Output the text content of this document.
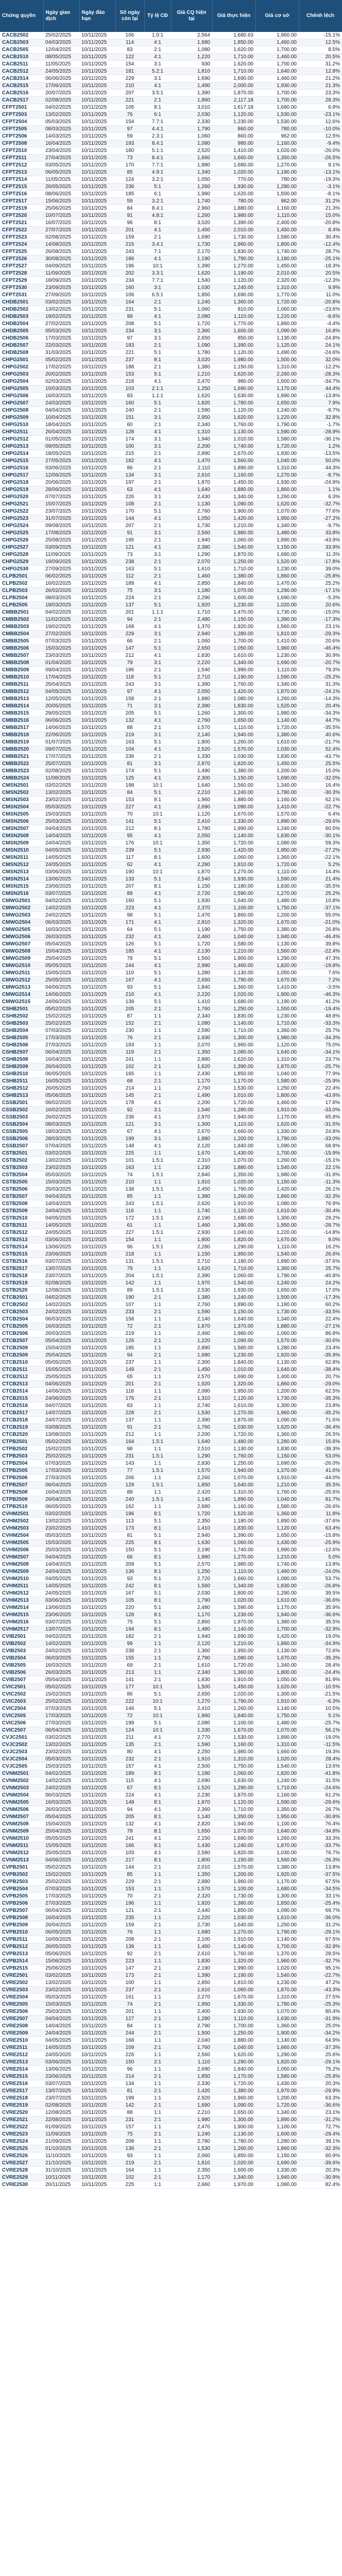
Chứng quyền	Ngày giao dịch	Ngày đáo hạn	Số ngày còn lại	Tỷ lệ CĐ	Giá CQ hiện tại	Giá thực hiện	Giá cơ sở	Chênh lệch
CACB2502	25/02/2025	10/11/2025	106	1.0:1	2,564	1,680.63	1,960.00	-15.1%
CACB2503	04/03/2025	10/11/2025	114	4:1	1,680	1,850.00	1,460.00	12.5%
CACB2505	12/04/2025	10/11/2025	83	2:1	1,080	1,620.00	1,700.00	8.5%
CACB2510	08/05/2025	10/11/2025	122	4:1	1,220	1,710.00	1,460.00	20.5%
CACB2511	11/05/2025	10/11/2025	154	3:1	930	1,620.00	1,700.00	31.2%
CACB2512	24/05/2025	10/11/2025	181	5.2:1	1,810	1,710.00	1,640.00	12.8%
CACB2514	06/06/2025	10/11/2025	229	3:1	1,690	1,690.00	1,460.00	21.2%
CACB2515	17/06/2025	10/11/2025	210	4:1	1,490	2,000.00	1,930.00	21.3%
CACB2516	20/07/2025	10/11/2025	207	3.5:1	1,390	1,870.00	1,700.00	23.3%
CACB2517	02/08/2025	10/11/2025	221	2:1	1,860	2,117.18	1,700.00	28.3%
CFPT2501	04/02/2025	10/11/2025	105	8:1	3,010	1,617.18	1,680.00	6.9%
CFPT2503	13/02/2025	10/11/2025	76	6:1	2,030	1,120.00	1,530.00	-23.1%
CFPT2504	05/03/2025	10/11/2025	154	7.7:1	2,330	1,230.00	1,530.00	12.6%
CFPT2505	08/03/2025	10/11/2025	97	4.4:1	1,790	860.00	780.00	-10.0%
CFPT2506	14/03/2025	10/11/2025	59	2.3:1	1,060	860.00	962.00	12.5%
CFPT2508	16/04/2025	10/11/2025	193	8.4:1	1,080	980.00	1,160.00	-9.4%
CFPT2510	23/04/2025	10/11/2025	180	5.1:1	2,520	1,410.00	1,020.00	-26.0%
CFPT2511	27/04/2025	10/11/2025	73	8.4:1	1,660	1,660.00	1,350.00	-26.5%
CFPT2512	03/05/2025	10/11/2025	170	7.7:1	1,880	1,680.00	1,270.00	8.1%
CFPT2513	06/05/2025	10/11/2025	85	4.9:1	1,340	1,020.00	1,190.00	-13.1%
CFPT2514	11/05/2025	10/11/2025	124	3.2:1	1,050	770.00	780.00	-19.3%
CFPT2515	26/05/2025	10/11/2025	236	5:1	1,260	1,930.00	1,280.00	-3.1%
CFPT2516	08/06/2025	10/11/2025	185	6:1	1,980	1,620.00	1,500.00	-8.1%
CFPT2517	15/06/2025	10/11/2025	59	3.2:1	1,740	780.00	962.00	31.2%
CFPT2519	25/06/2025	10/11/2025	84	8.4:1	2,960	1,880.00	1,160.00	21.3%
CFPT2520	10/07/2025	10/11/2025	91	4.8:1	1,260	1,980.00	1,110.00	15.0%
CFPT2521	16/07/2025	10/11/2025	96	8:1	3,020	1,390.00	2,400.00	-20.8%
CFPT2522	27/07/2025	10/11/2025	201	4:1	1,450	2,010.00	1,450.00	8.4%
CFPT2523	02/08/2025	10/11/2025	159	2:1	1,690	1,730.00	1,580.00	30.4%
CFPT2524	14/08/2025	10/11/2025	215	3.4:1	1,730	1,960.00	1,800.00	-12.4%
CFPT2525	26/08/2025	10/11/2025	243	7:1	2,170	1,830.00	1,740.00	28.7%
CFPT2526	30/08/2025	10/11/2025	186	4:1	1,190	1,790.00	1,180.00	-25.1%
CFPT2527	04/09/2025	10/11/2025	196	10:1	1,390	1,270.00	1,450.00	-18.3%
CFPT2528	11/09/2025	10/11/2025	202	3.3:1	1,620	1,190.00	2,010.00	20.5%
CFPT2529	18/09/2025	10/11/2025	234	7.7:1	1,540	1,120.00	2,320.00	-12.3%
CFPT2530	23/09/2025	10/11/2025	160	3:1	1,030	1,240.00	1,310.00	9.9%
CFPT2531	27/09/2025	10/11/2025	106	6.5:1	1,850	1,690.00	1,770.00	11.0%
CHDB2501	03/02/2025	10/11/2025	164	2:1	1,240	1,360.00	1,720.00	-20.8%
CHDB2502	13/02/2025	10/11/2025	231	5:1	1,060	810.00	1,060.00	-23.6%
CHDB2503	19/02/2025	10/11/2025	99	4:1	2,080	1,110.00	1,220.00	-8.6%
CHDB2504	27/02/2025	10/11/2025	208	5:1	1,720	1,770.00	1,860.00	-4.4%
CHDB2505	05/03/2025	10/11/2025	234	3:1	2,360	1,600.00	1,090.00	16.8%
CHDB2506	17/03/2025	10/11/2025	97	3:1	2,650	850.00	1,130.00	-24.8%
CHDB2507	22/03/2025	10/11/2025	183	2:1	1,090	1,390.00	1,120.00	24.1%
CHDB2508	31/03/2025	10/11/2025	221	5:1	1,780	1,120.00	1,490.00	-24.6%
CHPG2501	05/02/2025	10/11/2025	237	8:1	3,020	1,980.00	1,500.00	32.0%
CHPG2502	17/02/2025	10/11/2025	188	2:1	1,380	1,150.00	1,310.00	-12.2%
CHPG2503	20/02/2025	10/11/2025	153	5:1	1,210	1,620.00	2,260.00	-28.3%
CHPG2504	02/03/2025	10/11/2025	218	4:1	2,470	980.00	1,500.00	-34.7%
CHPG2505	10/03/2025	10/11/2025	103	2.1:1	1,250	1,690.00	1,170.00	44.4%
CHPG2506	16/03/2025	10/11/2025	83	1.1:1	1,620	1,630.00	1,890.00	-13.8%
CHPG2507	24/03/2025	10/11/2025	160	5:1	1,820	1,780.00	1,650.00	7.9%
CHPG2508	04/04/2025	10/11/2025	240	2:1	1,590	1,120.00	1,240.00	-9.7%
CHPG2509	10/04/2025	10/11/2025	151	3:1	2,950	1,620.00	1,220.00	32.8%
CHPG2510	18/04/2025	10/11/2025	60	2:1	2,340	1,760.00	1,790.00	-1.7%
CHPG2511	26/04/2025	10/11/2025	128	4:1	1,310	1,130.00	1,590.00	-28.9%
CHPG2512	01/05/2025	10/11/2025	174	3:1	1,940	1,010.00	1,580.00	-36.1%
CHPG2513	09/05/2025	10/11/2025	100	3:1	2,200	1,740.00	1,720.00	1.2%
CHPG2514	18/05/2025	10/11/2025	215	2:1	2,890	1,670.00	1,930.00	-13.5%
CHPG2515	27/05/2025	10/11/2025	182	4:1	1,470	1,560.00	1,040.00	50.0%
CHPG2516	03/06/2025	10/11/2025	86	2:1	2,110	1,890.00	1,310.00	44.3%
CHPG2517	12/06/2025	10/11/2025	134	3:1	2,610	1,160.00	1,270.00	-8.7%
CHPG2518	20/06/2025	10/11/2025	197	2:1	1,870	1,450.00	1,930.00	-24.9%
CHPG2519	28/06/2025	10/11/2025	63	4:1	1,640	1,880.00	1,860.00	1.1%
CHPG2520	07/07/2025	10/11/2025	226	3:1	2,430	1,340.00	1,260.00	6.3%
CHPG2521	15/07/2025	10/11/2025	108	2:1	1,130	1,090.00	1,620.00	-32.7%
CHPG2522	23/07/2025	10/11/2025	170	5:1	2,760	1,900.00	1,070.00	77.6%
CHPG2523	31/07/2025	10/11/2025	144	4:1	1,050	1,420.00	1,950.00	-27.2%
CHPG2524	09/08/2025	10/11/2025	207	2:1	1,730	1,210.00	1,340.00	-9.7%
CHPG2525	17/08/2025	10/11/2025	91	3:1	2,560	1,980.00	1,480.00	33.8%
CHPG2526	25/08/2025	10/11/2025	195	2:1	1,940	1,060.00	1,890.00	-43.9%
CHPG2527	03/09/2025	10/11/2025	121	4:1	2,380	1,540.00	1,150.00	33.9%
CHPG2528	11/09/2025	10/11/2025	73	3:1	1,290	1,870.00	1,680.00	11.3%
CHPG2529	19/09/2025	10/11/2025	238	2:1	2,070	1,250.00	1,520.00	-17.8%
CHPG2530	27/09/2025	10/11/2025	163	5:1	1,610	1,710.00	1,230.00	39.0%
CLPB2501	06/02/2025	10/11/2025	112	2:1	1,460	1,380.00	1,860.00	-25.8%
CLPB2502	16/02/2025	10/11/2025	189	4:1	2,850	1,840.00	1,470.00	25.2%
CLPB2503	26/02/2025	10/11/2025	75	3:1	1,180	1,070.00	1,290.00	-17.1%
CLPB2504	08/03/2025	10/11/2025	224	2:1	2,290	1,600.00	1,690.00	-5.3%
CLPB2505	18/03/2025	10/11/2025	137	5:1	1,920	1,230.00	1,020.00	20.6%
CMBB2501	04/02/2025	10/11/2025	201	1.1:1	1,710	1,470.00	1,730.00	-15.0%
CMBB2502	11/02/2025	10/11/2025	94	2:1	2,480	1,150.00	1,390.00	-17.3%
CMBB2503	19/02/2025	10/11/2025	168	4:1	1,370	1,920.00	1,560.00	23.1%
CMBB2504	27/02/2025	10/11/2025	229	3:1	2,940	1,280.00	1,810.00	-29.3%
CMBB2505	07/03/2025	10/11/2025	66	2:1	1,060	1,700.00	1,410.00	20.6%
CMBB2506	15/03/2025	10/11/2025	147	5:1	2,650	1,050.00	1,960.00	-46.4%
CMBB2507	23/03/2025	10/11/2025	212	4:1	1,830	1,610.00	1,230.00	30.9%
CMBB2508	01/04/2025	10/11/2025	79	3:1	2,220	1,340.00	1,690.00	-20.7%
CMBB2509	09/04/2025	10/11/2025	186	2:1	1,540	1,990.00	1,110.00	79.3%
CMBB2510	17/04/2025	10/11/2025	118	5:1	2,710	1,190.00	1,590.00	-25.2%
CMBB2511	25/04/2025	10/11/2025	243	3:1	1,390	1,760.00	1,340.00	31.3%
CMBB2512	04/05/2025	10/11/2025	97	4:1	2,050	1,420.00	1,870.00	-24.1%
CMBB2513	12/05/2025	10/11/2025	158	2:1	1,880	1,080.00	1,260.00	-14.3%
CMBB2514	20/05/2025	10/11/2025	71	3:1	2,390	1,830.00	1,520.00	20.4%
CMBB2515	29/05/2025	10/11/2025	205	5:1	1,260	1,300.00	1,980.00	-34.3%
CMBB2516	06/06/2025	10/11/2025	132	4:1	2,760	1,650.00	1,140.00	44.7%
CMBB2517	14/06/2025	10/11/2025	88	2:1	1,570	1,110.00	1,720.00	-35.5%
CMBB2518	22/06/2025	10/11/2025	219	3:1	2,140	1,940.00	1,380.00	40.6%
CMBB2519	01/07/2025	10/11/2025	163	5:1	1,800	1,260.00	1,610.00	-21.7%
CMBB2520	09/07/2025	10/11/2025	104	4:1	2,520	1,570.00	1,030.00	52.4%
CMBB2521	17/07/2025	10/11/2025	236	2:1	1,330	1,030.00	1,830.00	-43.7%
CMBB2522	25/07/2025	10/11/2025	81	3:1	2,870	1,820.00	1,450.00	25.5%
CMBB2523	02/08/2025	10/11/2025	174	5:1	1,490	1,380.00	1,200.00	15.0%
CMBB2524	11/08/2025	10/11/2025	125	4:1	2,300	1,150.00	1,690.00	-32.0%
CMSN2501	03/02/2025	10/11/2025	198	10:1	1,640	1,560.00	1,340.00	16.4%
CMSN2502	13/02/2025	10/11/2025	84	5:1	2,210	1,240.00	1,780.00	-30.3%
CMSN2503	23/02/2025	10/11/2025	153	8:1	1,960	1,880.00	1,160.00	62.1%
CMSN2504	05/03/2025	10/11/2025	227	4:1	2,690	1,090.00	1,410.00	-22.7%
CMSN2505	15/03/2025	10/11/2025	70	10:1	1,120	1,670.00	1,570.00	6.4%
CMSN2506	25/03/2025	10/11/2025	141	5:1	2,410	1,330.00	1,890.00	-29.6%
CMSN2507	04/04/2025	10/11/2025	212	8:1	1,780	1,990.00	1,240.00	60.5%
CMSN2508	14/04/2025	10/11/2025	95	4:1	2,050	1,140.00	1,630.00	-30.1%
CMSN2509	24/04/2025	10/11/2025	176	10:1	1,350	1,720.00	1,080.00	59.3%
CMSN2510	04/05/2025	10/11/2025	239	5:1	2,930	1,420.00	1,950.00	-27.2%
CMSN2511	14/05/2025	10/11/2025	117	8:1	1,600	1,060.00	1,360.00	-22.1%
CMSN2512	24/05/2025	10/11/2025	62	4:1	2,280	1,810.00	1,720.00	5.2%
CMSN2513	03/06/2025	10/11/2025	190	10:1	1,870	1,270.00	1,110.00	14.4%
CMSN2514	13/06/2025	10/11/2025	133	5:1	2,540	1,930.00	1,590.00	21.4%
CMSN2515	23/06/2025	10/11/2025	207	8:1	1,150	1,180.00	1,830.00	-35.5%
CMSN2516	03/07/2025	10/11/2025	89	4:1	2,720	1,590.00	1,270.00	25.2%
CMWG2501	04/02/2025	10/11/2025	160	5:1	1,930	1,640.00	1,480.00	10.8%
CMWG2502	14/02/2025	10/11/2025	223	4:1	2,370	1,100.00	1,750.00	-37.1%
CMWG2503	24/02/2025	10/11/2025	98	5:1	1,470	1,860.00	1,200.00	55.0%
CMWG2504	06/03/2025	10/11/2025	171	4:1	2,810	1,320.00	1,670.00	-21.0%
CMWG2505	16/03/2025	10/11/2025	64	5:1	1,190	1,750.00	1,380.00	26.8%
CMWG2506	26/03/2025	10/11/2025	232	4:1	2,460	1,040.00	1,940.00	-46.4%
CMWG2507	05/04/2025	10/11/2025	126	5:1	1,720	1,580.00	1,130.00	39.8%
CMWG2508	15/04/2025	10/11/2025	185	4:1	2,130	1,210.00	1,560.00	-22.4%
CMWG2509	25/04/2025	10/11/2025	78	5:1	1,560	1,900.00	1,290.00	47.3%
CMWG2510	05/05/2025	10/11/2025	244	4:1	2,990	1,460.00	1,820.00	-19.8%
CMWG2511	15/05/2025	10/11/2025	110	5:1	1,280	1,130.00	1,050.00	7.6%
CMWG2512	25/05/2025	10/11/2025	167	4:1	2,650	1,790.00	1,670.00	7.2%
CMWG2513	04/06/2025	10/11/2025	93	5:1	1,840	1,360.00	1,410.00	-3.5%
CMWG2514	14/06/2025	10/11/2025	216	4:1	2,220	1,020.00	1,900.00	-46.3%
CMWG2515	24/06/2025	10/11/2025	139	5:1	1,410	1,680.00	1,190.00	41.2%
CSHB2501	05/02/2025	10/11/2025	205	2:1	1,760	1,250.00	1,550.00	-19.4%
CSHB2502	15/02/2025	10/11/2025	87	1:1	2,340	1,830.00	1,230.00	48.8%
CSHB2503	25/02/2025	10/11/2025	152	2:1	1,080	1,140.00	1,710.00	-33.3%
CSHB2504	07/03/2025	10/11/2025	230	1:1	2,590	1,710.00	1,360.00	25.7%
CSHB2505	17/03/2025	10/11/2025	76	2:1	1,930	1,300.00	1,980.00	-34.3%
CSHB2506	27/03/2025	10/11/2025	183	1:1	2,070	1,960.00	1,120.00	75.0%
CSHB2507	06/04/2025	10/11/2025	119	2:1	1,350	1,080.00	1,640.00	-34.1%
CSHB2508	16/04/2025	10/11/2025	241	1:1	2,880	1,620.00	1,310.00	23.7%
CSHB2509	26/04/2025	10/11/2025	102	2:1	1,620	1,390.00	1,870.00	-25.7%
CSHB2510	06/05/2025	10/11/2025	165	1:1	2,430	1,850.00	1,040.00	77.9%
CSHB2511	16/05/2025	10/11/2025	68	2:1	1,170	1,170.00	1,580.00	-25.9%
CSHB2512	26/05/2025	10/11/2025	214	1:1	2,760	1,530.00	1,250.00	22.4%
CSHB2513	05/06/2025	10/11/2025	145	2:1	1,490	1,010.00	1,800.00	-43.9%
CSSB2501	06/02/2025	10/11/2025	178	4:1	2,200	1,720.00	1,460.00	17.8%
CSSB2502	16/02/2025	10/11/2025	92	3:1	1,540	1,280.00	1,910.00	-33.0%
CSSB2503	26/02/2025	10/11/2025	236	4:1	2,970	1,940.00	1,170.00	65.8%
CSSB2504	08/03/2025	10/11/2025	121	3:1	1,300	1,110.00	1,620.00	-31.5%
CSSB2505	18/03/2025	10/11/2025	67	4:1	2,670	1,660.00	1,330.00	24.8%
CSSB2506	28/03/2025	10/11/2025	199	3:1	1,880	1,200.00	1,790.00	-33.0%
CSSB2507	07/04/2025	10/11/2025	148	4:1	2,120	1,840.00	1,090.00	68.8%
CSTB2501	03/02/2025	10/11/2025	225	1:1	1,670	1,430.00	1,700.00	-15.9%
CSTB2502	13/02/2025	10/11/2025	101	1.5:1	2,310	1,070.00	1,260.00	-15.1%
CSTB2503	23/02/2025	10/11/2025	163	1:1	1,230	1,880.00	1,540.00	22.1%
CSTB2504	05/03/2025	10/11/2025	74	1.5:1	2,840	1,350.00	1,980.00	-31.8%
CSTB2505	15/03/2025	10/11/2025	210	1:1	1,910	1,020.00	1,150.00	-11.3%
CSTB2506	25/03/2025	10/11/2025	138	1.5:1	2,450	1,790.00	1,420.00	26.1%
CSTB2507	04/04/2025	10/11/2025	85	1:1	1,380	1,260.00	1,860.00	-32.3%
CSTB2508	14/04/2025	10/11/2025	243	1.5:1	2,620	1,910.00	1,080.00	76.9%
CSTB2509	24/04/2025	10/11/2025	116	1:1	1,740	1,120.00	1,610.00	-30.4%
CSTB2510	04/05/2025	10/11/2025	172	1.5:1	2,190	1,680.00	1,300.00	29.2%
CSTB2511	14/05/2025	10/11/2025	61	1:1	1,460	1,390.00	1,950.00	-28.7%
CSTB2512	24/05/2025	10/11/2025	227	1.5:1	2,930	1,040.00	1,220.00	-14.8%
CSTB2513	03/06/2025	10/11/2025	154	1:1	1,800	1,820.00	1,670.00	9.0%
CSTB2514	13/06/2025	10/11/2025	96	1.5:1	2,280	1,290.00	1,110.00	16.2%
CSTB2515	23/06/2025	10/11/2025	218	1:1	1,150	1,950.00	1,540.00	26.6%
CSTB2516	03/07/2025	10/11/2025	131	1.5:1	2,710	1,180.00	1,890.00	-37.6%
CSTB2517	13/07/2025	10/11/2025	79	1:1	1,620	1,710.00	1,360.00	25.7%
CSTB2518	23/07/2025	10/11/2025	204	1.5:1	2,390	1,060.00	1,790.00	-40.8%
CSTB2519	02/08/2025	10/11/2025	142	1:1	1,970	1,540.00	1,240.00	24.2%
CSTB2520	12/08/2025	10/11/2025	89	1.5:1	2,530	1,930.00	1,650.00	17.0%
CTCB2501	04/02/2025	10/11/2025	190	2:1	1,380	1,240.00	1,500.00	-17.3%
CTCB2502	14/02/2025	10/11/2025	107	1:1	2,760	1,890.00	1,180.00	60.2%
CTCB2503	24/02/2025	10/11/2025	233	2:1	1,590	1,150.00	1,730.00	-33.5%
CTCB2504	06/03/2025	10/11/2025	158	1:1	2,140	1,640.00	1,340.00	22.4%
CTCB2505	16/03/2025	10/11/2025	72	2:1	1,870	1,370.00	1,880.00	-27.1%
CTCB2506	26/03/2025	10/11/2025	219	1:1	2,460	1,980.00	1,060.00	86.8%
CTCB2507	05/04/2025	10/11/2025	126	2:1	1,220	1,090.00	1,570.00	-30.6%
CTCB2508	15/04/2025	10/11/2025	185	1:1	2,890	1,580.00	1,280.00	23.4%
CTCB2509	25/04/2025	10/11/2025	94	2:1	1,680	1,230.00	1,920.00	-35.9%
CTCB2510	05/05/2025	10/11/2025	237	1:1	2,300	1,840.00	1,130.00	62.8%
CTCB2511	15/05/2025	10/11/2025	149	2:1	1,450	1,010.00	1,640.00	-38.4%
CTCB2512	25/05/2025	10/11/2025	65	1:1	2,570	1,690.00	1,400.00	20.7%
CTCB2513	04/06/2025	10/11/2025	201	2:1	1,920	1,320.00	1,860.00	-29.0%
CTCB2514	14/06/2025	10/11/2025	118	1:1	2,080	1,950.00	1,200.00	62.5%
CTCB2515	24/06/2025	10/11/2025	176	2:1	1,310	1,120.00	1,730.00	-35.3%
CTCB2516	04/07/2025	10/11/2025	83	1:1	2,740	1,610.00	1,300.00	23.8%
CTCB2517	14/07/2025	10/11/2025	228	2:1	1,530	1,270.00	1,960.00	-35.2%
CTCB2518	24/07/2025	10/11/2025	137	1:1	2,390	1,870.00	1,090.00	71.6%
CTCB2519	03/08/2025	10/11/2025	91	2:1	1,760	1,030.00	1,620.00	-36.4%
CTCB2520	13/08/2025	10/11/2025	212	1:1	2,200	1,720.00	1,360.00	26.5%
CTPB2501	05/02/2025	10/11/2025	164	1.5:1	1,640	1,480.00	1,280.00	15.6%
CTPB2502	15/02/2025	10/11/2025	98	1:1	2,510	1,130.00	1,830.00	-38.3%
CTPB2503	25/02/2025	10/11/2025	231	1.5:1	1,290	1,760.00	1,150.00	53.0%
CTPB2504	07/03/2025	10/11/2025	143	1:1	2,830	1,250.00	1,690.00	-26.0%
CTPB2505	17/03/2025	10/11/2025	77	1.5:1	1,570	1,940.00	1,370.00	41.6%
CTPB2506	27/03/2025	10/11/2025	206	1:1	2,260	1,070.00	1,910.00	-44.0%
CTPB2507	06/04/2025	10/11/2025	129	1.5:1	1,850	1,640.00	1,210.00	35.5%
CTPB2508	16/04/2025	10/11/2025	88	1:1	2,420	1,310.00	1,760.00	-25.6%
CTPB2509	26/04/2025	10/11/2025	240	1.5:1	1,140	1,890.00	1,040.00	81.7%
CTPB2510	06/05/2025	10/11/2025	162	1:1	2,680	1,160.00	1,580.00	-26.6%
CVHM2501	03/02/2025	10/11/2025	196	8:1	1,720	1,520.00	1,360.00	11.8%
CVHM2502	13/02/2025	10/11/2025	113	5:1	2,350	1,180.00	1,890.00	-37.6%
CVHM2503	23/02/2025	10/11/2025	173	8:1	1,410	1,830.00	1,120.00	63.4%
CVHM2504	05/03/2025	10/11/2025	81	5:1	2,940	1,390.00	1,650.00	-15.8%
CVHM2505	15/03/2025	10/11/2025	225	8:1	1,630	1,060.00	1,430.00	-25.9%
CVHM2506	25/03/2025	10/11/2025	150	5:1	2,190	1,740.00	1,990.00	-12.6%
CVHM2507	04/04/2025	10/11/2025	66	8:1	1,880	1,270.00	1,210.00	5.0%
CVHM2508	14/04/2025	10/11/2025	209	5:1	2,570	1,980.00	1,740.00	13.8%
CVHM2509	24/04/2025	10/11/2025	136	8:1	1,250	1,110.00	1,460.00	-24.0%
CVHM2510	04/05/2025	10/11/2025	93	5:1	2,720	1,660.00	1,080.00	53.7%
CVHM2511	14/05/2025	10/11/2025	242	8:1	1,560	1,340.00	1,830.00	-26.8%
CVHM2512	24/05/2025	10/11/2025	167	5:1	2,030	1,800.00	1,290.00	39.5%
CVHM2513	03/06/2025	10/11/2025	105	8:1	1,790	1,020.00	1,610.00	-36.6%
CVHM2514	13/06/2025	10/11/2025	220	5:1	2,480	1,590.00	1,170.00	35.9%
CVHM2515	23/06/2025	10/11/2025	128	8:1	1,170	1,230.00	1,940.00	-36.6%
CVHM2516	03/07/2025	10/11/2025	75	5:1	2,860	1,870.00	1,380.00	35.5%
CVHM2517	13/07/2025	10/11/2025	194	8:1	1,480	1,140.00	1,700.00	-32.9%
CVIB2501	04/02/2025	10/11/2025	182	2:1	1,940	1,690.00	1,420.00	19.0%
CVIB2502	14/02/2025	10/11/2025	99	1:1	2,120	1,210.00	1,860.00	-34.9%
CVIB2503	24/02/2025	10/11/2025	238	2:1	1,360	1,950.00	1,130.00	72.6%
CVIB2504	06/03/2025	10/11/2025	155	1:1	2,790	1,080.00	1,670.00	-35.3%
CVIB2505	16/03/2025	10/11/2025	69	2:1	1,610	1,720.00	1,340.00	28.4%
CVIB2506	26/03/2025	10/11/2025	213	1:1	2,340	1,360.00	1,800.00	-24.4%
CVIB2507	05/04/2025	10/11/2025	141	2:1	1,830	1,910.00	1,050.00	81.9%
CVIC2501	05/02/2025	10/11/2025	177	10:1	1,500	1,450.00	1,620.00	-10.5%
CVIC2502	15/02/2025	10/11/2025	86	5:1	2,650	1,020.00	1,300.00	-21.5%
CVIC2503	25/02/2025	10/11/2025	222	10:1	1,270	1,790.00	1,910.00	-6.3%
CVIC2504	07/03/2025	10/11/2025	146	5:1	2,410	1,260.00	1,140.00	10.5%
CVIC2505	17/03/2025	10/11/2025	72	10:1	1,960	1,840.00	1,750.00	5.1%
CVIC2506	27/03/2025	10/11/2025	199	5:1	2,080	1,100.00	1,480.00	-25.7%
CVIC2507	06/04/2025	10/11/2025	124	10:1	1,330	1,670.00	1,070.00	56.1%
CVJC2501	03/02/2025	10/11/2025	211	4:1	2,770	1,530.00	1,890.00	-19.0%
CVJC2502	13/02/2025	10/11/2025	135	2:1	1,590	1,160.00	1,310.00	-11.5%
CVJC2503	23/02/2025	10/11/2025	80	4:1	2,250	1,980.00	1,660.00	19.3%
CVJC2504	05/03/2025	10/11/2025	232	2:1	1,910	1,310.00	1,020.00	28.4%
CVJC2505	15/03/2025	10/11/2025	157	4:1	2,500	1,750.00	1,540.00	13.6%
CVNM2501	04/02/2025	10/11/2025	189	8:1	1,180	1,060.00	1,820.00	-41.8%
CVNM2502	14/02/2025	10/11/2025	115	4:1	2,690	1,630.00	1,240.00	31.5%
CVNM2503	24/02/2025	10/11/2025	67	8:1	1,520	1,290.00	1,710.00	-24.6%
CVNM2504	06/03/2025	10/11/2025	224	4:1	2,230	1,870.00	1,160.00	61.2%
CVNM2505	16/03/2025	10/11/2025	148	8:1	1,870	1,120.00	1,590.00	-29.6%
CVNM2506	26/03/2025	10/11/2025	94	4:1	2,360	1,710.00	1,350.00	26.7%
CVNM2507	05/04/2025	10/11/2025	205	8:1	1,140	1,350.00	1,950.00	-30.8%
CVNM2508	15/04/2025	10/11/2025	132	4:1	2,820	1,940.00	1,100.00	76.4%
CVNM2509	25/04/2025	10/11/2025	78	8:1	1,650	1,070.00	1,640.00	-34.8%
CVNM2510	05/05/2025	10/11/2025	241	4:1	2,150	1,680.00	1,260.00	33.3%
CVNM2511	15/05/2025	10/11/2025	166	8:1	1,430	1,240.00	1,870.00	-33.7%
CVNM2512	25/05/2025	10/11/2025	103	4:1	2,580	1,820.00	1,030.00	76.7%
CVNM2513	04/06/2025	10/11/2025	217	8:1	1,800	1,150.00	1,560.00	-26.3%
CVPB2501	05/02/2025	10/11/2025	144	2:1	2,010	1,570.00	1,380.00	13.8%
CVPB2502	15/02/2025	10/11/2025	85	1:1	1,350	1,200.00	1,920.00	-37.5%
CVPB2503	25/02/2025	10/11/2025	229	2:1	2,880	1,960.00	1,170.00	67.5%
CVPB2504	07/03/2025	10/11/2025	153	1:1	1,570	1,100.00	1,680.00	-34.5%
CVPB2505	17/03/2025	10/11/2025	70	2:1	2,320	1,730.00	1,300.00	33.1%
CVPB2506	27/03/2025	10/11/2025	196	1:1	1,920	1,380.00	1,850.00	-25.4%
CVPB2507	06/04/2025	10/11/2025	121	2:1	2,440	1,850.00	1,090.00	69.7%
CVPB2508	16/04/2025	10/11/2025	235	1:1	1,220	1,030.00	1,610.00	-36.0%
CVPB2509	26/04/2025	10/11/2025	159	2:1	2,730	1,640.00	1,250.00	31.2%
CVPB2510	06/05/2025	10/11/2025	76	1:1	1,680	1,270.00	1,790.00	-29.1%
CVPB2511	16/05/2025	10/11/2025	208	2:1	2,100	1,910.00	1,140.00	67.5%
CVPB2512	26/05/2025	10/11/2025	139	1:1	1,460	1,140.00	1,700.00	-32.9%
CVPB2513	05/06/2025	10/11/2025	92	2:1	2,610	1,760.00	1,370.00	28.5%
CVPB2514	15/06/2025	10/11/2025	223	1:1	1,830	1,320.00	1,960.00	-32.7%
CVPB2515	25/06/2025	10/11/2025	147	2:1	2,190	1,990.00	1,020.00	95.1%
CVRE2501	03/02/2025	10/11/2025	173	2:1	1,390	1,190.00	1,540.00	-22.7%
CVRE2502	13/02/2025	10/11/2025	100	1:1	2,850	1,810.00	1,230.00	47.2%
CVRE2503	23/02/2025	10/11/2025	237	2:1	1,610	1,060.00	1,870.00	-43.3%
CVRE2504	05/03/2025	10/11/2025	161	1:1	2,270	1,670.00	1,310.00	27.5%
CVRE2505	15/03/2025	10/11/2025	74	2:1	1,950	1,330.00	1,780.00	-25.3%
CVRE2506	25/03/2025	10/11/2025	201	1:1	2,400	1,930.00	1,070.00	80.4%
CVRE2507	04/04/2025	10/11/2025	127	2:1	1,280	1,110.00	1,630.00	-31.9%
CVRE2508	14/04/2025	10/11/2025	84	1:1	2,790	1,700.00	1,360.00	25.0%
CVRE2509	24/04/2025	10/11/2025	244	2:1	1,500	1,250.00	1,900.00	-34.2%
CVRE2510	04/05/2025	10/11/2025	168	1:1	2,040	1,880.00	1,140.00	64.9%
CVRE2511	14/05/2025	10/11/2025	109	2:1	1,760	1,040.00	1,660.00	-37.3%
CVRE2512	24/05/2025	10/11/2025	226	1:1	2,560	1,620.00	1,290.00	25.6%
CVRE2513	03/06/2025	10/11/2025	150	2:1	1,110	1,290.00	1,820.00	-29.1%
CVRE2514	13/06/2025	10/11/2025	96	1:1	2,690	1,840.00	1,050.00	75.2%
CVRE2515	23/06/2025	10/11/2025	214	2:1	1,850	1,170.00	1,580.00	-25.9%
CVRE2516	03/07/2025	10/11/2025	134	1:1	2,330	1,720.00	1,430.00	20.3%
CVRE2517	13/07/2025	10/11/2025	81	2:1	1,420	1,380.00	1,970.00	-29.9%
CVRE2518	23/07/2025	10/11/2025	199	1:1	2,920	1,960.00	1,200.00	63.3%
CVRE2519	02/08/2025	10/11/2025	142	2:1	1,690	1,090.00	1,720.00	-36.6%
CVRE2520	12/08/2025	10/11/2025	88	1:1	2,210	1,650.00	1,340.00	23.1%
CVRE2521	22/08/2025	10/11/2025	231	2:1	1,980	1,300.00	1,890.00	-31.2%
CVRE2522	01/09/2025	10/11/2025	157	1:1	2,470	1,900.00	1,100.00	72.7%
CVRE2523	11/09/2025	10/11/2025	75	2:1	1,240	1,130.00	1,600.00	-29.4%
CVRE2524	21/09/2025	10/11/2025	208	1:1	2,780	1,780.00	1,280.00	39.1%
CVRE2525	01/10/2025	10/11/2025	136	2:1	1,530	1,260.00	1,860.00	-32.3%
CVRE2526	11/10/2025	10/11/2025	93	1:1	2,060	1,850.00	1,150.00	60.9%
CVRE2527	21/10/2025	10/11/2025	219	2:1	1,810	1,020.00	1,690.00	-39.6%
CVRE2528	31/10/2025	10/11/2025	164	1:1	2,350	1,600.00	1,330.00	20.3%
CVRE2529	10/11/2025	10/11/2025	102	2:1	1,170	1,340.00	1,940.00	-30.9%
CVRE2530	20/11/2025	10/11/2025	225	1:1	2,660	1,970.00	1,080.00	82.4%
